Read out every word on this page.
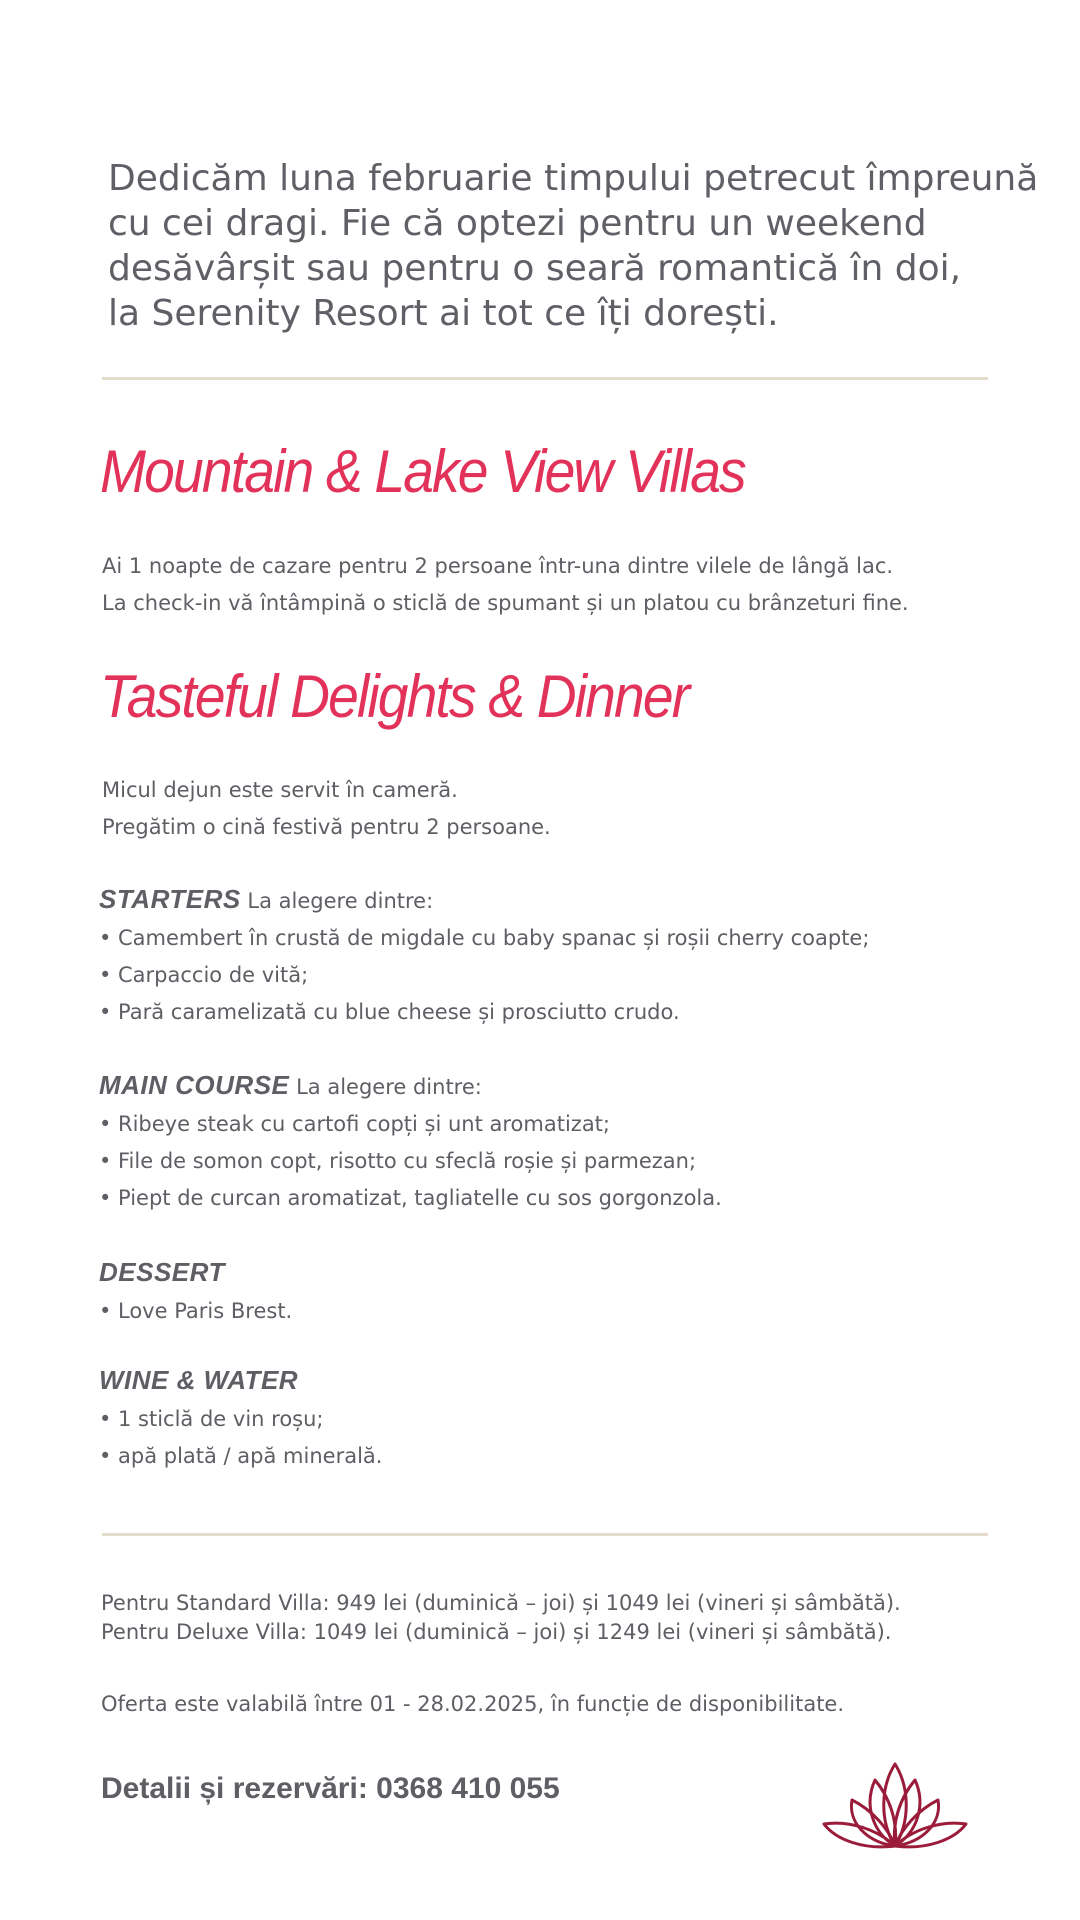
Dedicăm luna februarie timpului petrecut împreună
cu cei dragi. Fie că optezi pentru un weekend
desăvârșit sau pentru o seară romantică în doi,
la Serenity Resort ai tot ce îți dorești.

Mountain & Lake View Villas

Ai 1 noapte de cazare pentru 2 persoane într-una dintre vilele de lângă lac.
La check-in vă întâmpină o sticlă de spumant și un platou cu brânzeturi fine.

Tasteful Delights & Dinner

Micul dejun este servit în cameră.
Pregătim o cină festivă pentru 2 persoane.

STARTERS La alegere dintre:
• Camembert în crustă de migdale cu baby spanac și roșii cherry coapte;
• Carpaccio de vită;
• Pară caramelizată cu blue cheese și prosciutto crudo.
MAIN COURSE La alegere dintre:
• Ribeye steak cu cartofi copți și unt aromatizat;
• File de somon copt, risotto cu sfeclă roșie și parmezan;
• Piept de curcan aromatizat, tagliatelle cu sos gorgonzola.
DESSERT
• Love Paris Brest.
WINE & WATER
• 1 sticlă de vin roșu;
• apă plată / apă minerală.

Pentru Standard Villa: 949 lei (duminică – joi) și 1049 lei (vineri și sâmbătă).
Pentru Deluxe Villa: 1049 lei (duminică – joi) și 1249 lei (vineri și sâmbătă).

Oferta este valabilă între 01 - 28.02.2025, în funcție de disponibilitate.

Detalii și rezervări: 0368 410 055
